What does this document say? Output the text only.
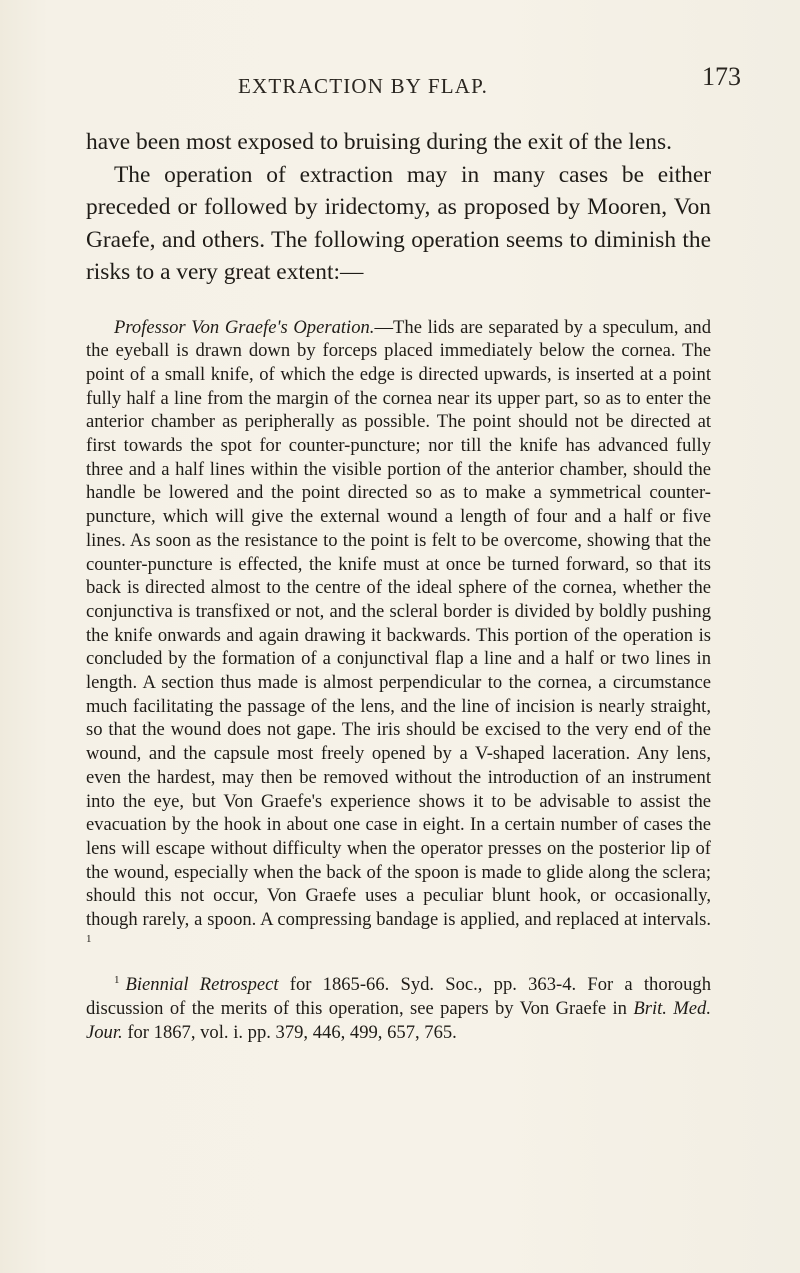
EXTRACTION BY FLAP.	173

have been most exposed to bruising during the exit of the lens.

The operation of extraction may in many cases be either preceded or followed by iridectomy, as proposed by Mooren, Von Graefe, and others. The following operation seems to diminish the risks to a very great extent:—

Professor Von Graefe's Operation.—The lids are separated by a speculum, and the eyeball is drawn down by forceps placed immediately below the cornea. The point of a small knife, of which the edge is directed upwards, is inserted at a point fully half a line from the margin of the cornea near its upper part, so as to enter the anterior chamber as peripherally as possible. The point should not be directed at first towards the spot for counter-puncture; nor till the knife has advanced fully three and a half lines within the visible portion of the anterior chamber, should the handle be lowered and the point directed so as to make a symmetrical counter-puncture, which will give the external wound a length of four and a half or five lines. As soon as the resistance to the point is felt to be overcome, showing that the counter-puncture is effected, the knife must at once be turned forward, so that its back is directed almost to the centre of the ideal sphere of the cornea, whether the conjunctiva is transfixed or not, and the scleral border is divided by boldly pushing the knife onwards and again drawing it backwards. This portion of the operation is concluded by the formation of a conjunctival flap a line and a half or two lines in length. A section thus made is almost perpendicular to the cornea, a circumstance much facilitating the passage of the lens, and the line of incision is nearly straight, so that the wound does not gape. The iris should be excised to the very end of the wound, and the capsule most freely opened by a V-shaped laceration. Any lens, even the hardest, may then be removed without the introduction of an instrument into the eye, but Von Graefe's experience shows it to be advisable to assist the evacuation by the hook in about one case in eight. In a certain number of cases the lens will escape without difficulty when the operator presses on the posterior lip of the wound, especially when the back of the spoon is made to glide along the sclera; should this not occur, Von Graefe uses a peculiar blunt hook, or occasionally, though rarely, a spoon. A compressing bandage is applied, and replaced at intervals. $^1$

$^1$ Biennial Retrospect for 1865-66. Syd. Soc., pp. 363-4. For a thorough discussion of the merits of this operation, see papers by Von Graefe in Brit. Med. Jour. for 1867, vol. i. pp. 379, 446, 499, 657, 765.
